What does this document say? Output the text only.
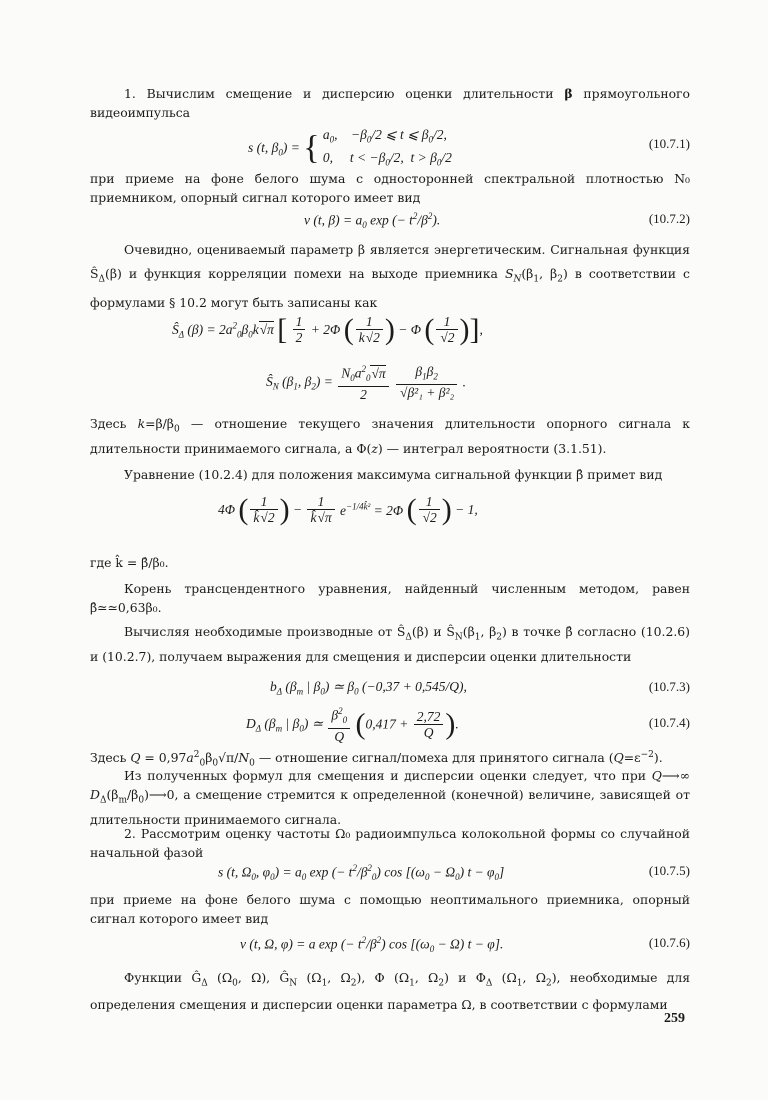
1. Вычислим смещение и дисперсию оценки длительности β прямоугольного видеоимпульса
s (t, $\beta_0$) = { $a_0$,    $-\beta_0/2$ ⩽ t ⩽ $\beta_0/2$,
0,     $t < -\beta_0/2$,  $t > \beta_0/2$
(10.7.1)
при приеме на фоне белого шума с односторонней спектральной плотностью N₀ приемником, опорный сигнал которого имеет вид
v (t, $\beta) = a_0$ exp (− $t^2/\beta^2$).	(10.7.2)
Очевидно, оцениваемый параметр β является энергетическим. Сигнальная функция $Ŝ_\Delta(\beta)$ и функция корреляции помехи на выходе приемника $S_N(\beta_1$, $\beta_2$) в соответствии с формулами § 10.2 могут быть записаны как
$Ŝ_\Delta$ $(\beta) = 2a^2_0\beta_0k√\pi$ [ $\frac{1}{2} + 2\Phi$ ( $\frac{1}{k√2}$ ) − Φ ( $\frac{1}{√2}$ )],
$Ŝ_N$ ($\beta_1$, $\beta_2) = \frac{N_0a^2_0√\pi}{2}$
$\frac{\beta_1\beta_2}{\text{√β²₁ + β²₂}}$ .
Здесь $k=\beta/\beta_0$ — отношение текущего значения длительности опорного сигнала к длительности принимаемого сигнала, а Φ(z) — интеграл вероятности (3.1.51).
Уравнение (10.2.4) для положения максимума сигнальной функции β̂ примет вид
4Φ ( $\frac{1}{k̂√2}$ ) − $\frac{1}{k̂√\pi} e^{-1/4k̂^2} = 2\Phi$ ( $\frac{1}{√2}$ ) − 1,
где k̂ = β̂/β₀.
Корень трансцендентного уравнения, найденный численным методом, равен β̂≃≃0,63β₀.
Вычисляя необходимые производные от $Ŝ_\Delta(\beta)$ и $Ŝ_N(\beta_1$, $\beta_2$) в точке β̂ согласно (10.2.6) и (10.2.7), получаем выражения для смещения и дисперсии оценки длительности
$b_\Delta$ ($\beta_m$ | $\beta_0$) ≃ $\beta_0$ (−0,37 + 0,545/Q),	(10.7.3)
$D_\Delta$ ($\beta_m$ | $\beta_0$) ≃ $\frac{\beta^2_0}{Q} (0,417 + \frac{2,72}{Q}$ ).	(10.7.4)
Здесь $Q = 0,97a^2_0\beta_0√\pi/N_0$ — отношение сигнал/помеха для принятого сигнала $(Q=\varepsilon^{-2})$.
Из полученных формул для смещения и дисперсии оценки следует, что при Q⟶∞ $D_\Delta(\beta_m/\beta_0)⟶0$, а смещение стремится к определенной (конечной) величине, зависящей от длительности принимаемого сигнала.
2. Рассмотрим оценку частоты Ω₀ радиоимпульса колокольной формы со случайной начальной фазой
s (t, $\Omega_0$, $\varphi_0) = a_0$ exp (− $t^2/\beta^2_0$) $\cos [(\omega_0 - \Omega_0) t - \varphi_0]$	(10.7.5)
при приеме на фоне белого шума с помощью неоптимального приемника, опорный сигнал которого имеет вид
v (t, Ω, φ) = a exp (− $t^2/\beta^2$) $\cos [(\omega_0 - \Omega) t - \varphi]$.	(10.7.6)
Функции $Ĝ_\Delta$ ($\Omega_0$, Ω), $Ĝ_N$ ($\Omega_1$, $\Omega_2$), Φ ($\Omega_1$, $\Omega_2$) и $\Phi_\Delta$ ($\Omega_1$, $\Omega_2$), необходимые для определения смещения и дисперсии оценки параметра Ω, в соответствии с формулами
259
